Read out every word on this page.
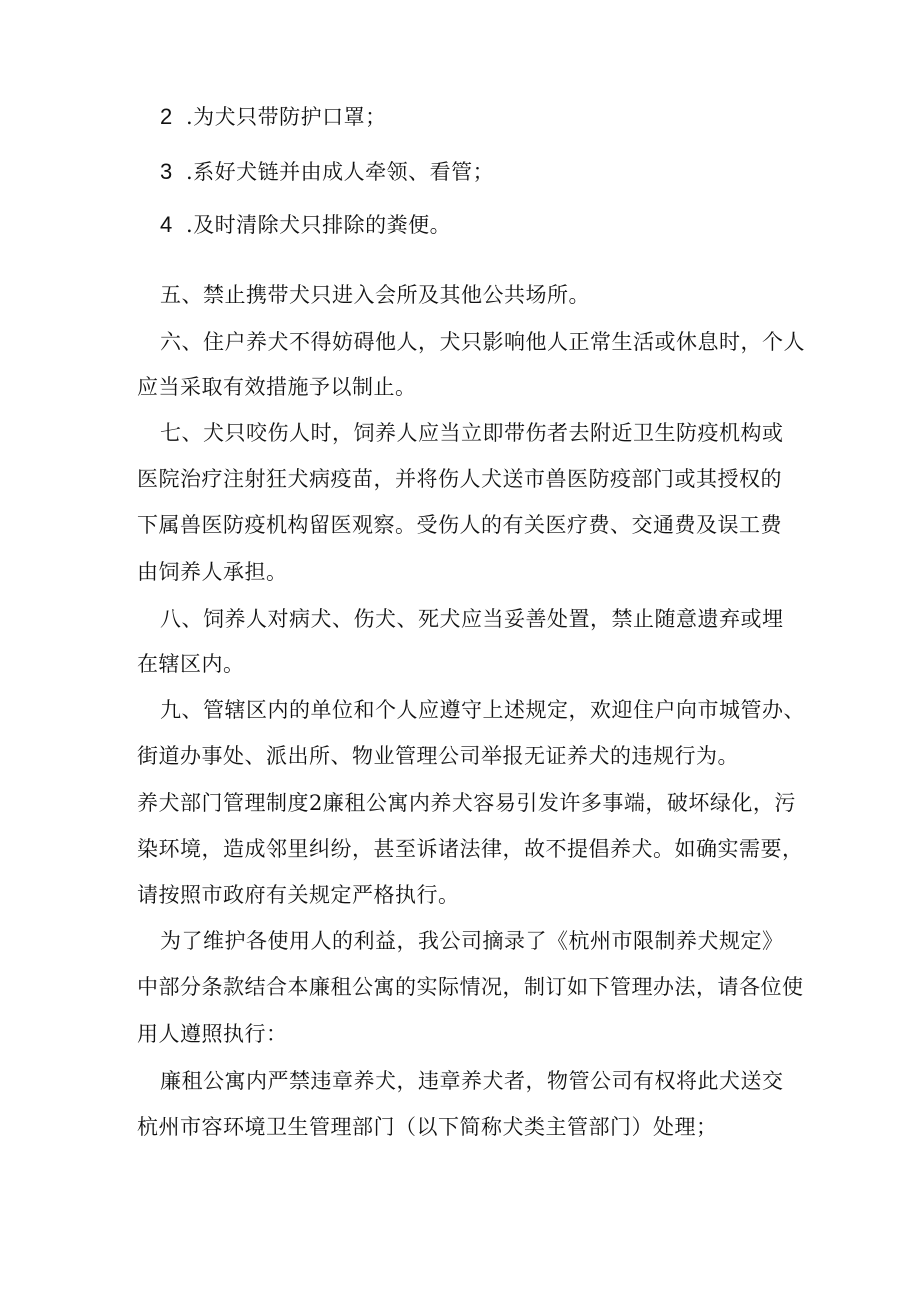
2 .为犬只带防护口罩；
3 .系好犬链并由成人牵领、看管；
4 .及时清除犬只排除的粪便。
五、禁止携带犬只进入会所及其他公共场所。
六、住户养犬不得妨碍他人，犬只影响他人正常生活或休息时，个人
应当采取有效措施予以制止。
七、犬只咬伤人时，饲养人应当立即带伤者去附近卫生防疫机构或
医院治疗注射狂犬病疫苗，并将伤人犬送市兽医防疫部门或其授权的
下属兽医防疫机构留医观察。受伤人的有关医疗费、交通费及误工费
由饲养人承担。
八、饲养人对病犬、伤犬、死犬应当妥善处置，禁止随意遗弃或埋
在辖区内。
九、管辖区内的单位和个人应遵守上述规定，欢迎住户向市城管办、
街道办事处、派出所、物业管理公司举报无证养犬的违规行为。
养犬部门管理制度2廉租公寓内养犬容易引发许多事端，破坏绿化，污
染环境，造成邻里纠纷，甚至诉诸法律，故不提倡养犬。如确实需要，
请按照市政府有关规定严格执行。
为了维护各使用人的利益，我公司摘录了《杭州市限制养犬规定》
中部分条款结合本廉租公寓的实际情况，制订如下管理办法，请各位使
用人遵照执行：
廉租公寓内严禁违章养犬，违章养犬者，物管公司有权将此犬送交
杭州市容环境卫生管理部门（以下简称犬类主管部门）处理；
